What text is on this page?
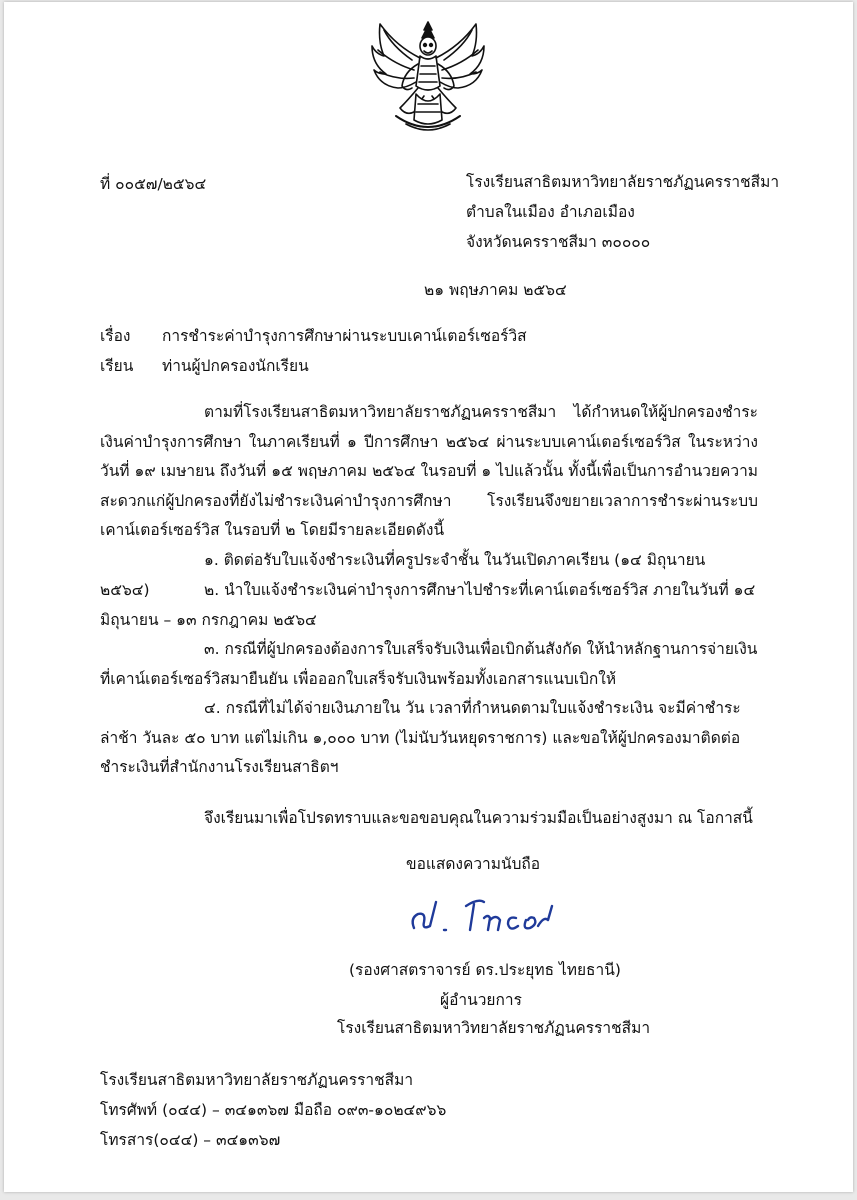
ที่ ๐๐๕๗/๒๕๖๔	โรงเรียนสาธิตมหาวิทยาลัยราชภัฏนครราชสีมา
ตำบลในเมือง อำเภอเมือง
จังหวัดนครราชสีมา ๓๐๐๐๐
๒๑ พฤษภาคม ๒๕๖๔
เรื่อง การชำระค่าบำรุงการศึกษาผ่านระบบเคาน์เตอร์เซอร์วิส
เรียน ท่านผู้ปกครองนักเรียน
ตามที่โรงเรียนสาธิตมหาวิทยาลัยราชภัฏนครราชสีมา ได้กำหนดให้ผู้ปกครองชำระเงินค่าบำรุงการศึกษา ในภาคเรียนที่ ๑ ปีการศึกษา ๒๕๖๔ ผ่านระบบเคาน์เตอร์เซอร์วิส ในระหว่างวันที่ ๑๙ เมษายน ถึงวันที่ ๑๕ พฤษภาคม ๒๕๖๔ ในรอบที่ ๑ ไปแล้วนั้น ทั้งนี้เพื่อเป็นการอำนวยความสะดวกแก่ผู้ปกครองที่ยังไม่ชำระเงินค่าบำรุงการศึกษา โรงเรียนจึงขยายเวลาการชำระผ่านระบบเคาน์เตอร์เซอร์วิส ในรอบที่ ๒ โดยมีรายละเอียดดังนี้
๑. ติดต่อรับใบแจ้งชำระเงินที่ครูประจำชั้น ในวันเปิดภาคเรียน (๑๔ มิถุนายน ๒๕๖๔)	๒. นำใบแจ้งชำระเงินค่าบำรุงการศึกษาไปชำระที่เคาน์เตอร์เซอร์วิส ภายในวันที่ ๑๔ มิถุนายน – ๑๓ กรกฎาคม ๒๕๖๔
๓. กรณีที่ผู้ปกครองต้องการใบเสร็จรับเงินเพื่อเบิกต้นสังกัด ให้นำหลักฐานการจ่ายเงินที่เคาน์เตอร์เซอร์วิสมายืนยัน เพื่อออกใบเสร็จรับเงินพร้อมทั้งเอกสารแนบเบิกให้
๔. กรณีที่ไม่ได้จ่ายเงินภายใน วัน เวลาที่กำหนดตามใบแจ้งชำระเงิน จะมีค่าชำระล่าช้า วันละ ๕๐ บาท แต่ไม่เกิน ๑,๐๐๐ บาท (ไม่นับวันหยุดราชการ) และขอให้ผู้ปกครองมาติดต่อชำระเงินที่สำนักงานโรงเรียนสาธิตฯ
จึงเรียนมาเพื่อโปรดทราบและขอขอบคุณในความร่วมมือเป็นอย่างสูงมา ณ โอกาสนี้
ขอแสดงความนับถือ
(รองศาสตราจารย์ ดร.ประยุทธ ไทยธานี)
ผู้อำนวยการ
โรงเรียนสาธิตมหาวิทยาลัยราชภัฏนครราชสีมา
โรงเรียนสาธิตมหาวิทยาลัยราชภัฏนครราชสีมา
โทรศัพท์ (๐๔๔) – ๓๔๑๓๖๗ มือถือ ๐๙๓-๑๐๒๔๙๖๖
โทรสาร(๐๔๔) – ๓๔๑๓๖๗
